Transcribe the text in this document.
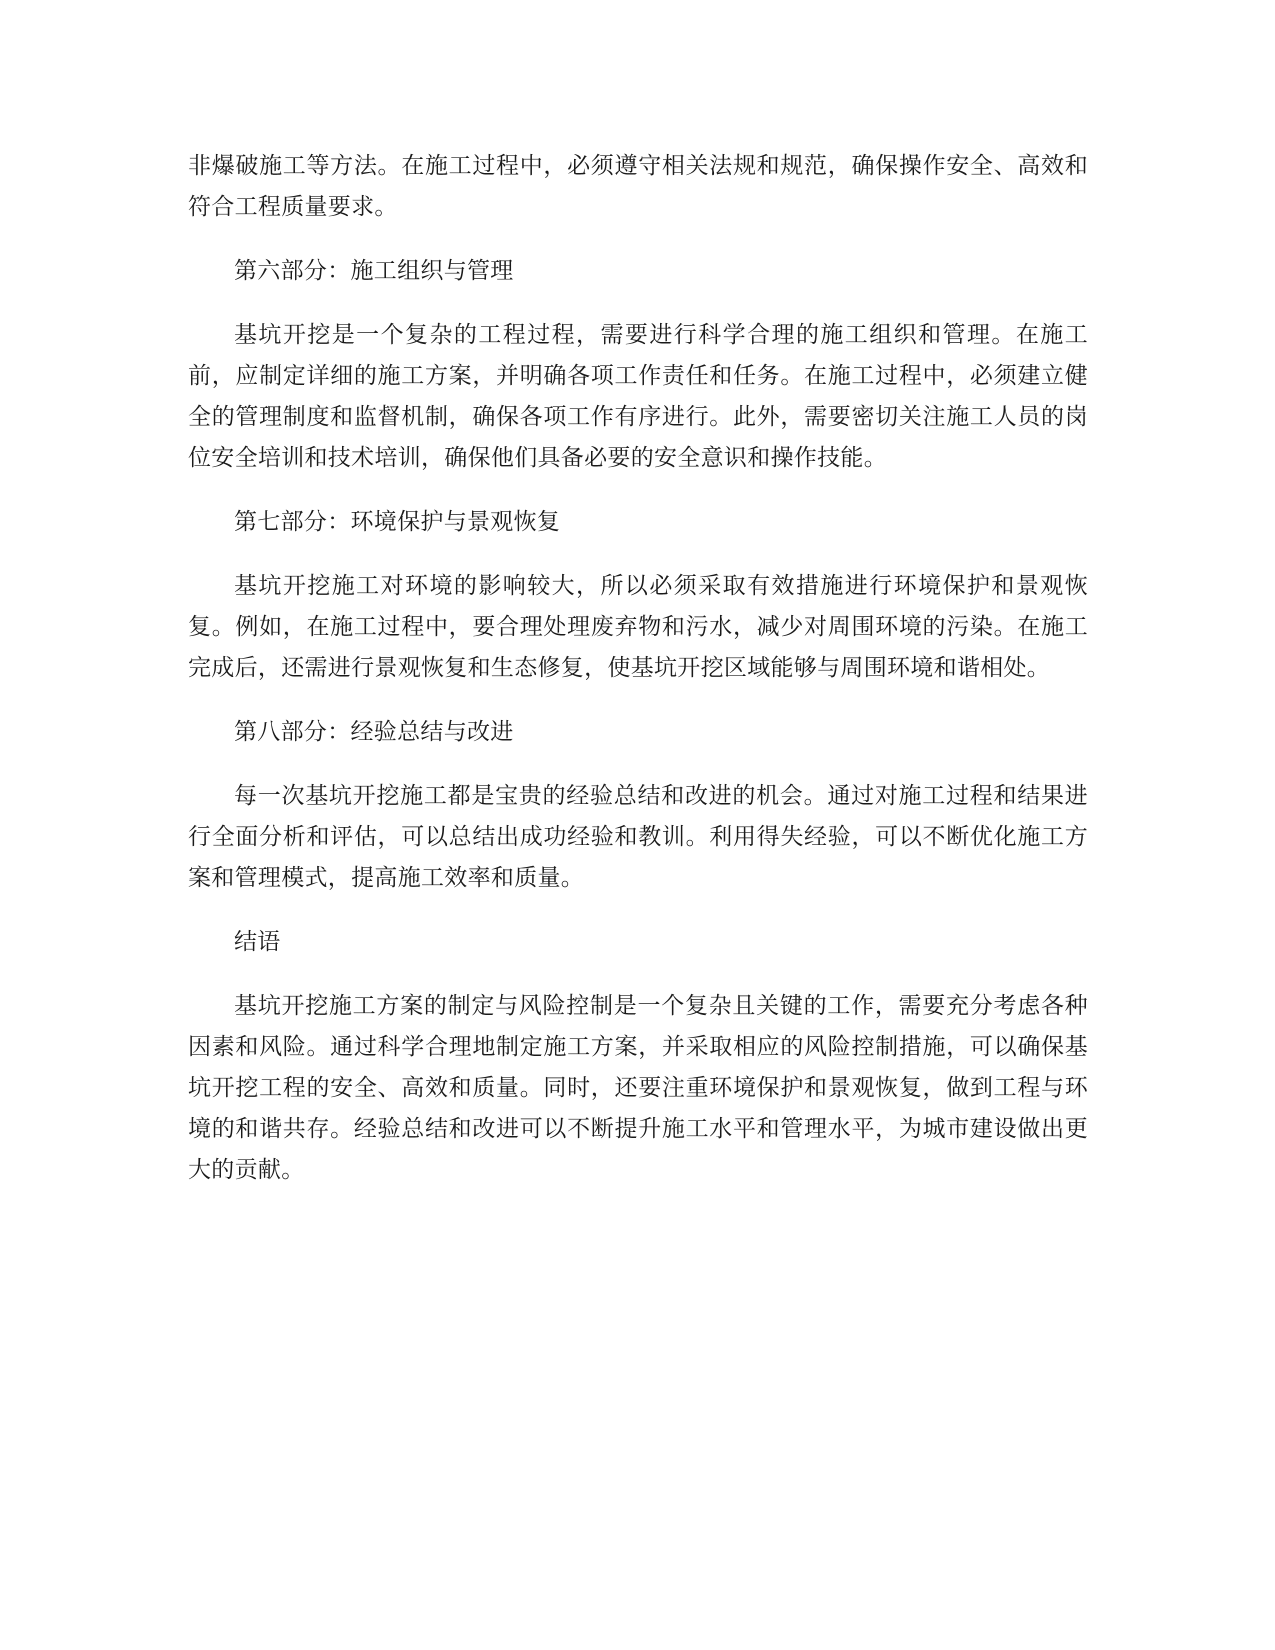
非爆破施工等方法。在施工过程中，必须遵守相关法规和规范，确保操作安全、高效和符合工程质量要求。

第六部分：施工组织与管理

基坑开挖是一个复杂的工程过程，需要进行科学合理的施工组织和管理。在施工前，应制定详细的施工方案，并明确各项工作责任和任务。在施工过程中，必须建立健全的管理制度和监督机制，确保各项工作有序进行。此外，需要密切关注施工人员的岗位安全培训和技术培训，确保他们具备必要的安全意识和操作技能。

第七部分：环境保护与景观恢复

基坑开挖施工对环境的影响较大，所以必须采取有效措施进行环境保护和景观恢复。例如，在施工过程中，要合理处理废弃物和污水，减少对周围环境的污染。在施工完成后，还需进行景观恢复和生态修复，使基坑开挖区域能够与周围环境和谐相处。

第八部分：经验总结与改进

每一次基坑开挖施工都是宝贵的经验总结和改进的机会。通过对施工过程和结果进行全面分析和评估，可以总结出成功经验和教训。利用得失经验，可以不断优化施工方案和管理模式，提高施工效率和质量。

结语

基坑开挖施工方案的制定与风险控制是一个复杂且关键的工作，需要充分考虑各种因素和风险。通过科学合理地制定施工方案，并采取相应的风险控制措施，可以确保基坑开挖工程的安全、高效和质量。同时，还要注重环境保护和景观恢复，做到工程与环境的和谐共存。经验总结和改进可以不断提升施工水平和管理水平，为城市建设做出更大的贡献。
